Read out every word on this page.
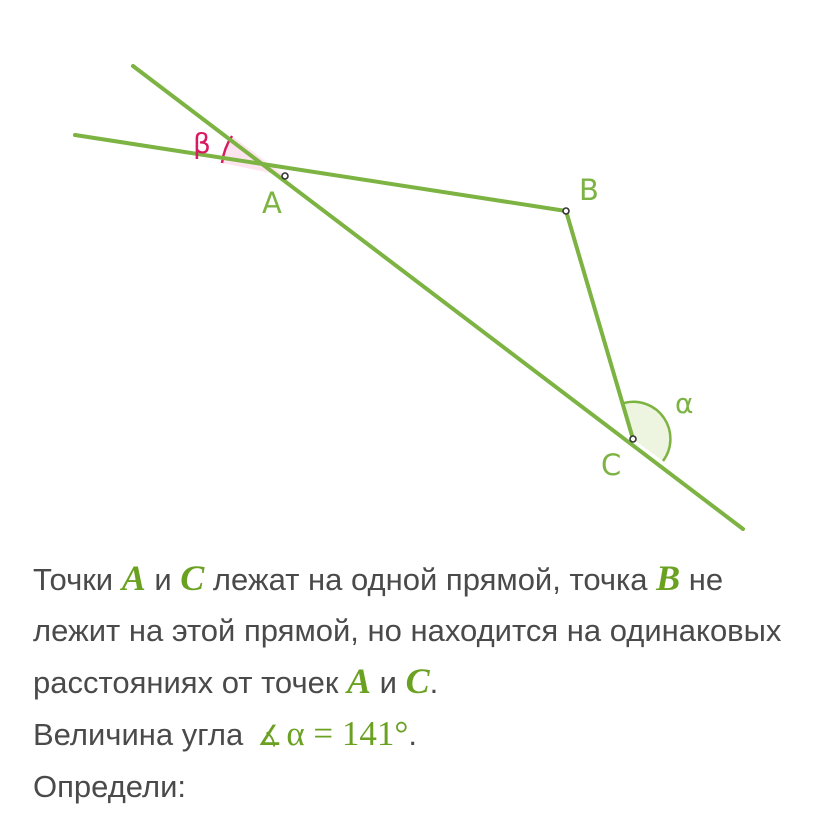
β
A	B
α
C
Точки A и C лежат на одной прямой, точка B не
лежит на этой прямой, но находится на одинаковых
расстояниях от точек A и C.
Величина угла ∡ α = 141°.
Определи:
